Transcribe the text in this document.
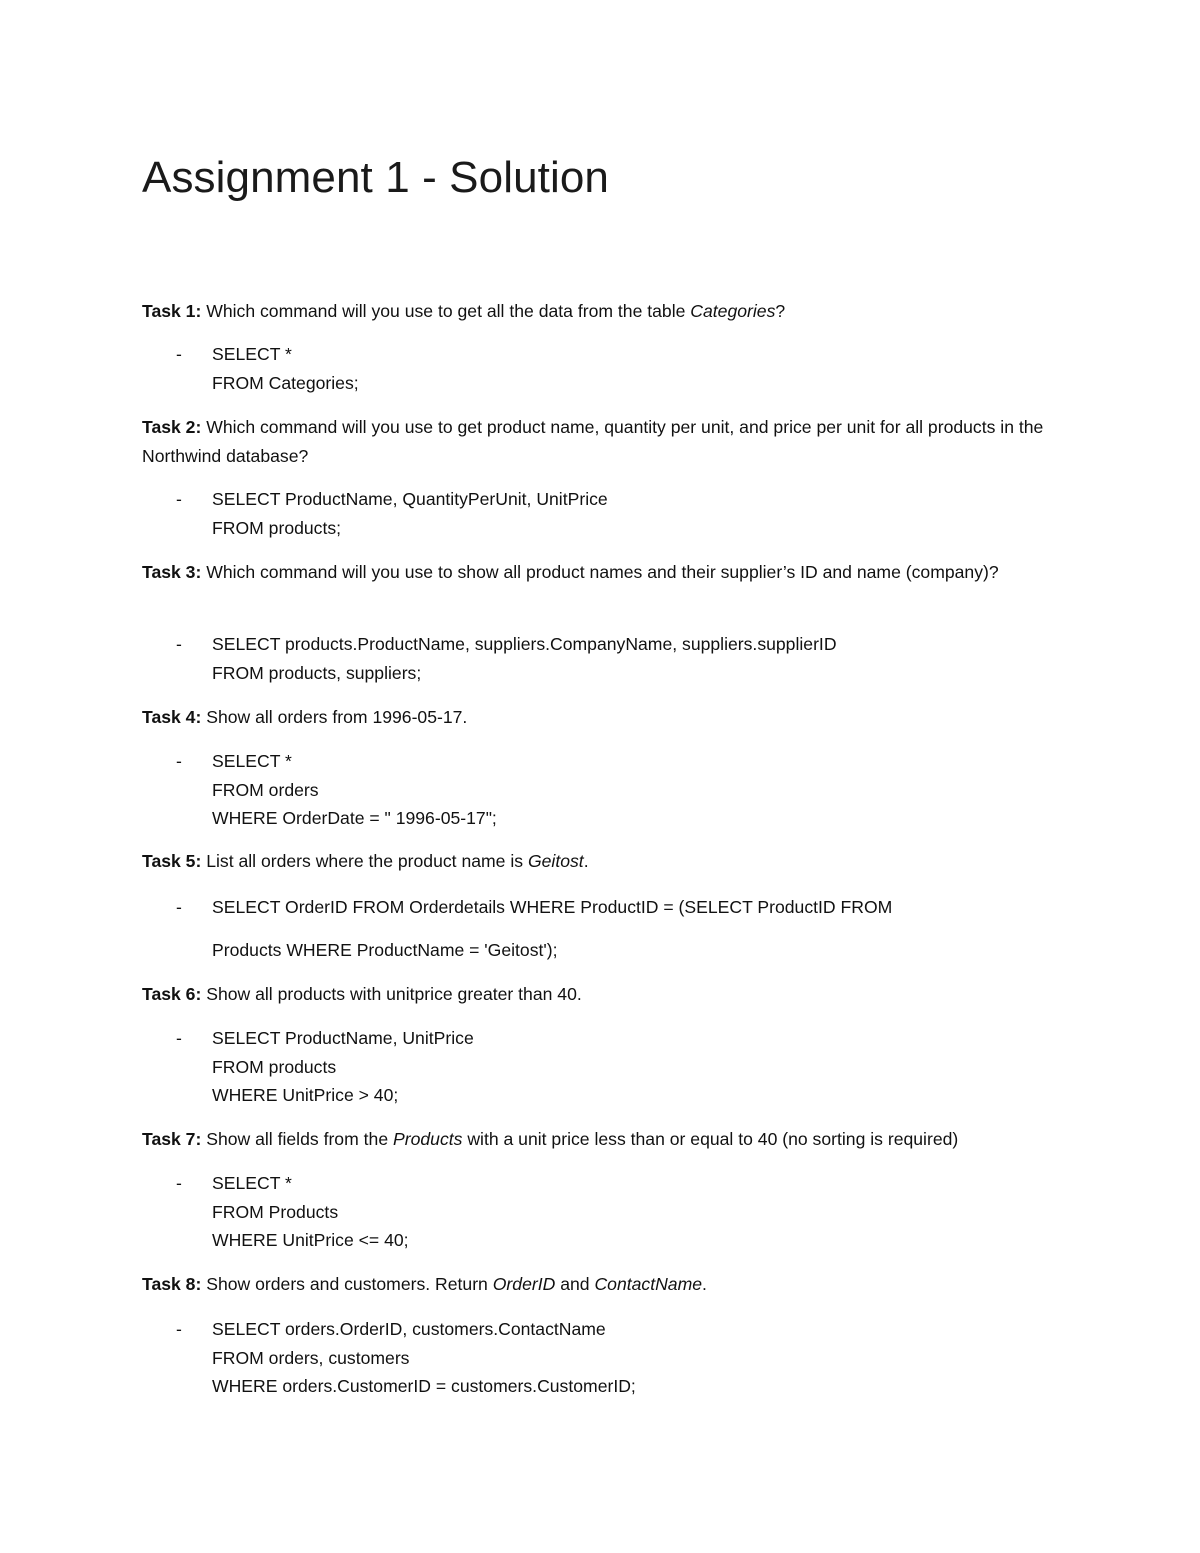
Assignment 1 - Solution

Task 1: Which command will you use to get all the data from the table Categories?

- SELECT *
FROM Categories;

Task 2: Which command will you use to get product name, quantity per unit, and price per unit for all products in the Northwind database?

- SELECT ProductName, QuantityPerUnit, UnitPrice
FROM products;

Task 3: Which command will you use to show all product names and their supplier’s ID and name (company)?

- SELECT products.ProductName, suppliers.CompanyName, suppliers.supplierID
FROM products, suppliers;

Task 4: Show all orders from 1996-05-17.

- SELECT *
FROM orders
WHERE OrderDate = " 1996-05-17";

Task 5: List all orders where the product name is Geitost.

- SELECT OrderID FROM Orderdetails WHERE ProductID = (SELECT ProductID FROM
Products WHERE ProductName = 'Geitost');

Task 6: Show all products with unitprice greater than 40.

- SELECT ProductName, UnitPrice
FROM products
WHERE UnitPrice > 40;

Task 7: Show all fields from the Products with a unit price less than or equal to 40 (no sorting is required)

- SELECT *
FROM Products
WHERE UnitPrice <= 40;

Task 8: Show orders and customers. Return OrderID and ContactName.

- SELECT orders.OrderID, customers.ContactName
FROM orders, customers
WHERE orders.CustomerID = customers.CustomerID;
